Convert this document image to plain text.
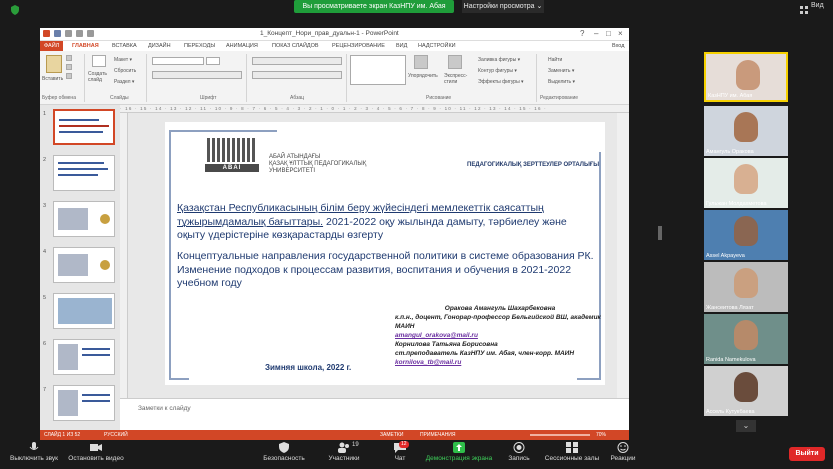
Вы просматриваете экран КазНПУ им. Абая	Настройки просмотра ⌄	Вид
1_Концепт_Нори_прав_дуальн-1 - PowerPoint	? – □ ×
ФАЙЛ	ГЛАВНАЯ ВСТАВКА ДИЗАЙН ПЕРЕХОДЫ АНИМАЦИЯ	ПОКАЗ СЛАЙДОВ РЕЦЕНЗИРОВАНИЕ ВИД НАДСТРОЙКИ	Вход
Вставить
Буфер обмена
Создать слайд
Макет ▾
Сбросить
Раздел ▾
Слайды	Шрифт	Абзац
Упорядочить Экспресс-стили
Заливка фигуры ▾
Контур фигуры ▾
Эффекты фигуры ▾
Рисование
Найти
Заменить ▾
Выделить ▾
Редактирование
1
2
3
4
5
6
7
· 16 · 15 · 14 · 13 · 12 · 11 · 10 · 9 · 8 · 7 · 6 · 5 · 4 · 3 · 2 · 1 · 0 · 1 · 2 · 3 · 4 · 5 · 6 · 7 · 8 · 9 · 10 · 11 · 12 · 13 · 14 · 15 · 16 ·
ABAI UNIVERSITY
АБАЙ АТЫНДАҒЫ
ҚАЗАҚ ҰЛТТЫҚ ПЕДАГОГИКАЛЫҚ
УНИВЕРСИТЕТІ
ПЕДАГОГИКАЛЫҚ ЗЕРТТЕУЛЕР ОРТАЛЫҒЫ
Қазақстан Республикасының білім беру жүйесіндегі мемлекеттік саясаттың тұжырымдамалық бағыттары. 2021-2022 оқу жылында дамыту, тәрбиелеу және оқыту үдерістеріне көзқарастарды өзгерту
Концептуальные направления государственной политики в системе образования РК. Изменение подходов к процессам развития, воспитания и обучения в 2021-2022 учебном году
Оракова Амангуль Шахарбековна
к.п.н., доцент, Гонорар-профессор Бельгийской ВШ, академик МАИН
amangul_orakova@mail.ru
Корнилова Татьяна Борисовна
ст.преподаватель КазНПУ им. Абая, член-корр. МАИН
kornilova_tb@mail.ru
Зимняя школа, 2022 г.
Заметки к слайду
СЛАЙД 1 ИЗ 52	РУССКИЙ	ЗАМЕТКИ	ПРИМЕЧАНИЯ	70%
КазНПУ им. Абая
Амангуль Оракова
Гульжан Молдахметова
Assel Akpayeva
Жансеитова Лязат
Ranida Namekulova
Ассель Кутукбаева
⌄
Выключить звук	Остановить видео	Безопасность
19
Участники
12
Чат	Демонстрация экрана	Запись	Сессионные залы	Реакции
Выйти
